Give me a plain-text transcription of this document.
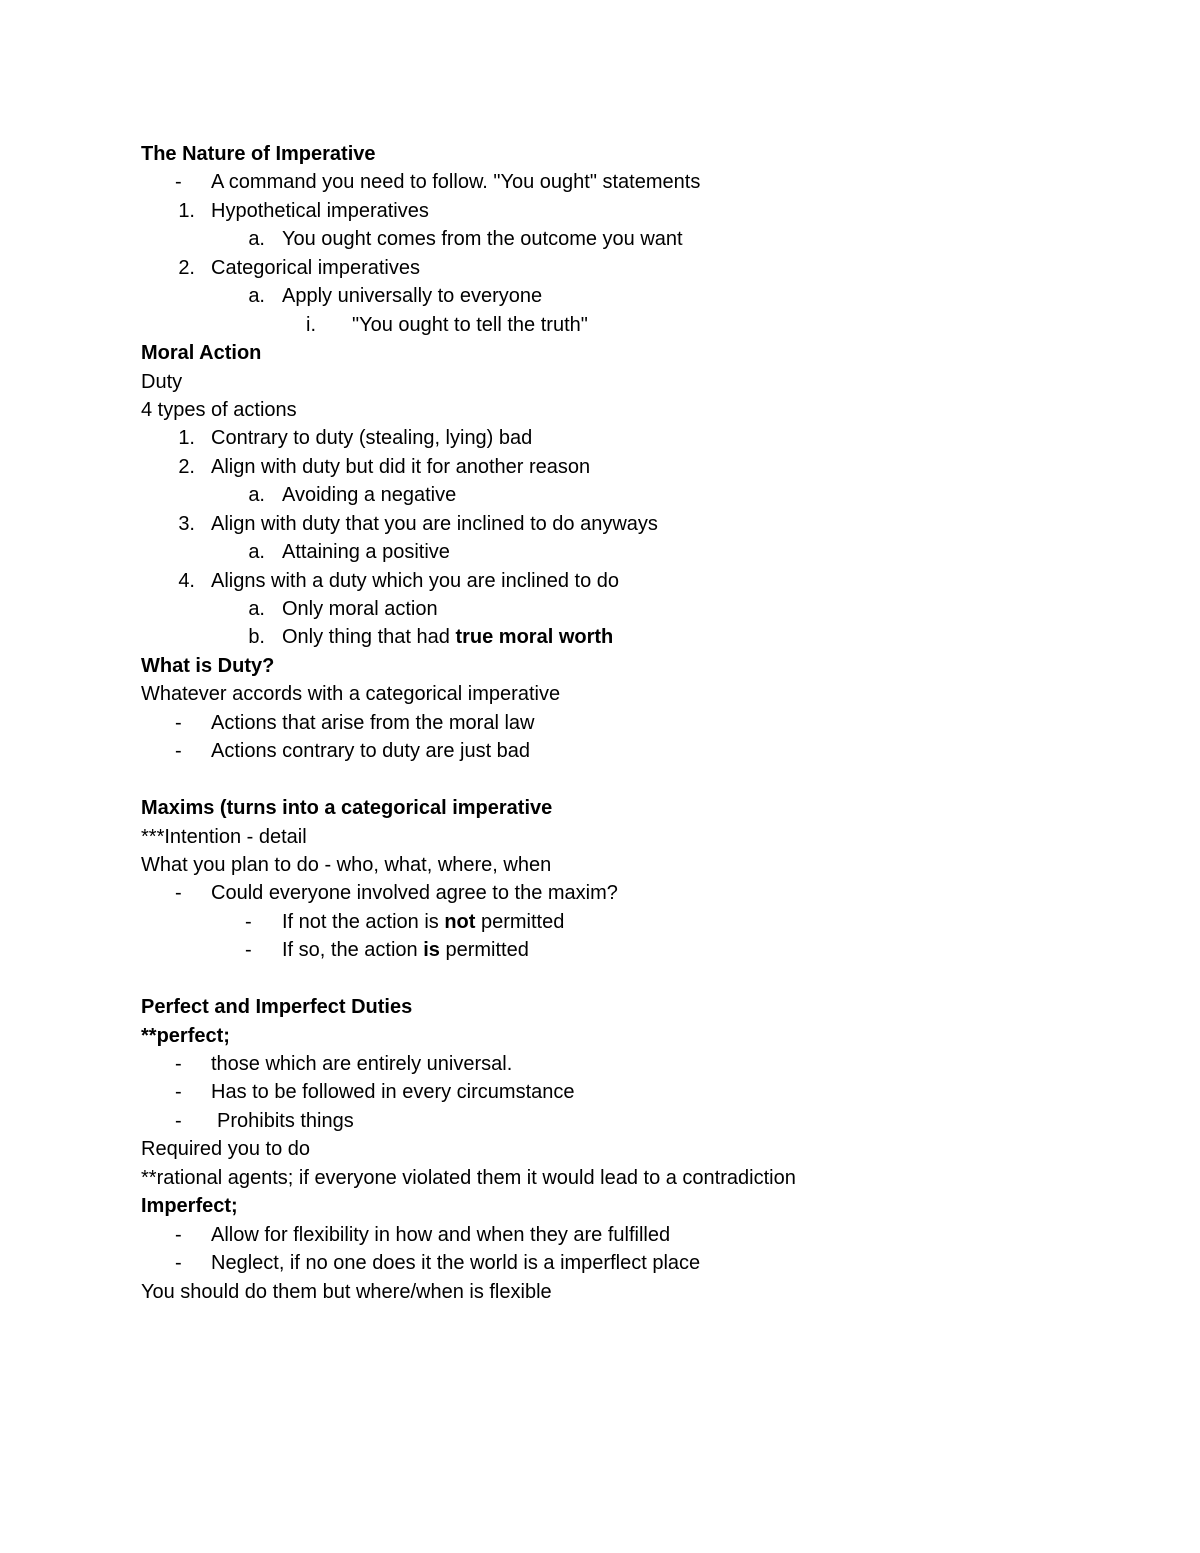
The Nature of Imperative
-	A command you need to follow. "You ought" statements
1. Hypothetical imperatives
a. You ought comes from the outcome you want
2. Categorical imperatives
a. Apply universally to everyone
i. "You ought to tell the truth"
Moral Action
Duty
4 types of actions
1. Contrary to duty (stealing, lying) bad
2. Align with duty but did it for another reason
a. Avoiding a negative
3. Align with duty that you are inclined to do anyways
a. Attaining a positive
4. Aligns with a duty which you are inclined to do
a. Only moral action
b. Only thing that had true moral worth
What is Duty?
Whatever accords with a categorical imperative
-	Actions that arise from the moral law
-	Actions contrary to duty are just bad
Maxims (turns into a categorical imperative
***Intention - detail
What you plan to do - who, what, where, when
-	Could everyone involved agree to the maxim?
-	If not the action is not permitted
-	If so, the action is permitted
Perfect and Imperfect Duties
**perfect;
-	those which are entirely universal.
-	Has to be followed in every circumstance
-	Prohibits things
Required you to do
**rational agents; if everyone violated them it would lead to a contradiction
Imperfect;
-	Allow for flexibility in how and when they are fulfilled
-	Neglect, if no one does it the world is a imperflect place
You should do them but where/when is flexible
